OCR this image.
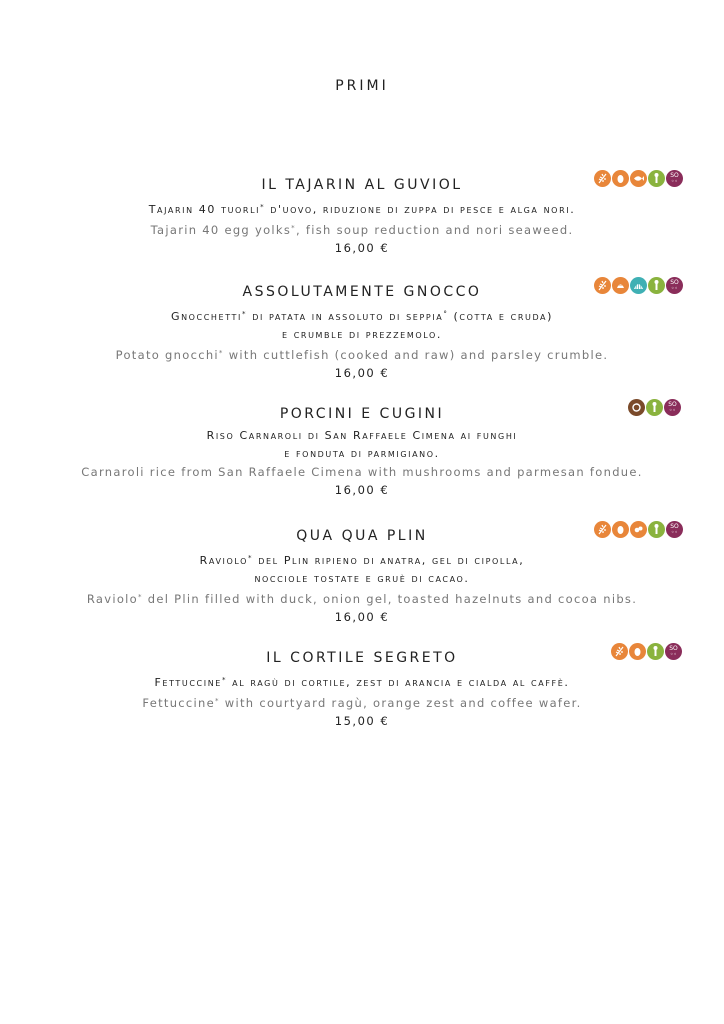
PRIMI
IL TAJARIN AL GUVIOL
Tajarin 40 tuorli* d'uovo, riduzione di zuppa di pesce e alga nori.
Tajarin 40 egg yolks*, fish soup reduction and nori seaweed.
16,00 €
SO
◦◦
ASSOLUTAMENTE GNOCCO
Gnocchetti* di patata in assoluto di seppia° (cotta e cruda)
e crumble di prezzemolo.
Potato gnocchi* with cuttlefish (cooked and raw) and parsley crumble.
16,00 €
SO
◦◦
PORCINI E CUGINI
Riso Carnaroli di San Raffaele Cimena ai funghi
e fonduta di parmigiano.
Carnaroli rice from San Raffaele Cimena with mushrooms and parmesan fondue.
16,00 €
SO
◦◦
QUA QUA PLIN
Raviolo* del Plin ripieno di anatra, gel di cipolla,
nocciole tostate e gruè di cacao.
Raviolo* del Plin filled with duck, onion gel, toasted hazelnuts and cocoa nibs.
16,00 €
SO
◦◦
IL CORTILE SEGRETO
Fettuccine* al ragù di cortile, zest di arancia e cialda al caffè.
Fettuccine* with courtyard ragù, orange zest and coffee wafer.
15,00 €
SO
◦◦
